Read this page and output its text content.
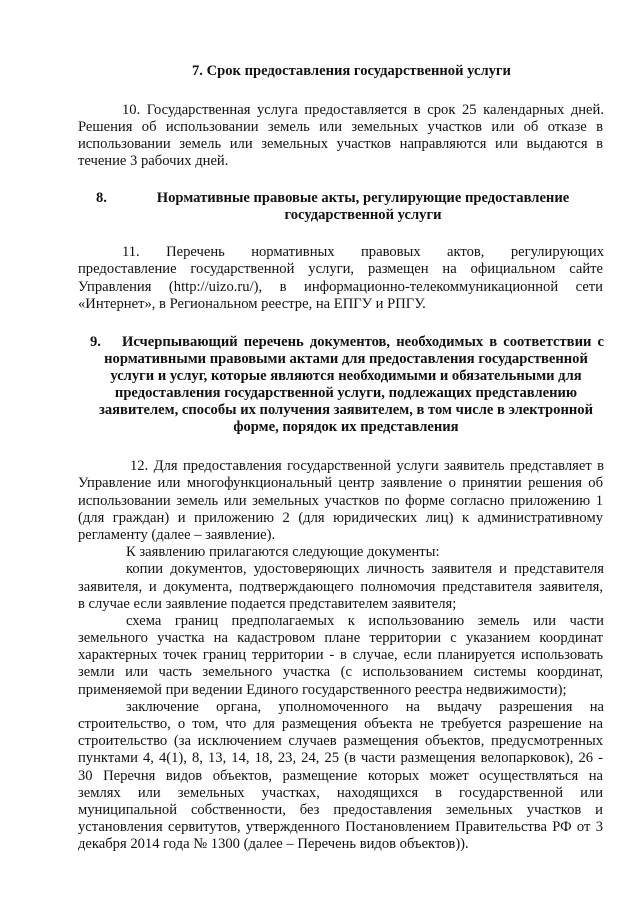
7. Срок предоставления государственной услуги
10. Государственная услуга предоставляется в срок 25 календарных дней.
Решения об использовании земель или земельных участков или об отказе в
использовании земель или земельных участков направляются или выдаются в
течение 3 рабочих дней.
8.	Нормативные правовые акты, регулирующие предоставление
государственной услуги
11. Перечень нормативных правовых актов, регулирующих
предоставление государственной услуги, размещен на официальном сайте
Управления (http://uizo.ru/), в информационно-телекоммуникационной сети
«Интернет», в Региональном реестре, на ЕПГУ и РПГУ.
9.	Исчерпывающий перечень документов, необходимых в соответствии с
нормативными правовыми актами для предоставления государственной
услуги и услуг, которые являются необходимыми и обязательными для
предоставления государственной услуги, подлежащих представлению
заявителем, способы их получения заявителем, в том числе в электронной
форме, порядок их представления
12. Для предоставления государственной услуги заявитель представляет в
Управление или многофункциональный центр заявление о принятии решения об
использовании земель или земельных участков по форме согласно приложению 1
(для граждан) и приложению 2 (для юридических лиц) к административному
регламенту (далее – заявление).
К заявлению прилагаются следующие документы:
копии документов, удостоверяющих личность заявителя и представителя
заявителя, и документа, подтверждающего полномочия представителя заявителя,
в случае если заявление подается представителем заявителя;
схема границ предполагаемых к использованию земель или части
земельного участка на кадастровом плане территории с указанием координат
характерных точек границ территории - в случае, если планируется использовать
земли или часть земельного участка (с использованием системы координат,
применяемой при ведении Единого государственного реестра недвижимости);
заключение органа, уполномоченного на выдачу разрешения на
строительство, о том, что для размещения объекта не требуется разрешение на
строительство (за исключением случаев размещения объектов, предусмотренных
пунктами 4, 4(1), 8, 13, 14, 18, 23, 24, 25 (в части размещения велопарковок), 26 -
30 Перечня видов объектов, размещение которых может осуществляться на
землях или земельных участках, находящихся в государственной или
муниципальной собственности, без предоставления земельных участков и
установления сервитутов, утвержденного Постановлением Правительства РФ от 3
декабря 2014 года № 1300 (далее – Перечень видов объектов)).
